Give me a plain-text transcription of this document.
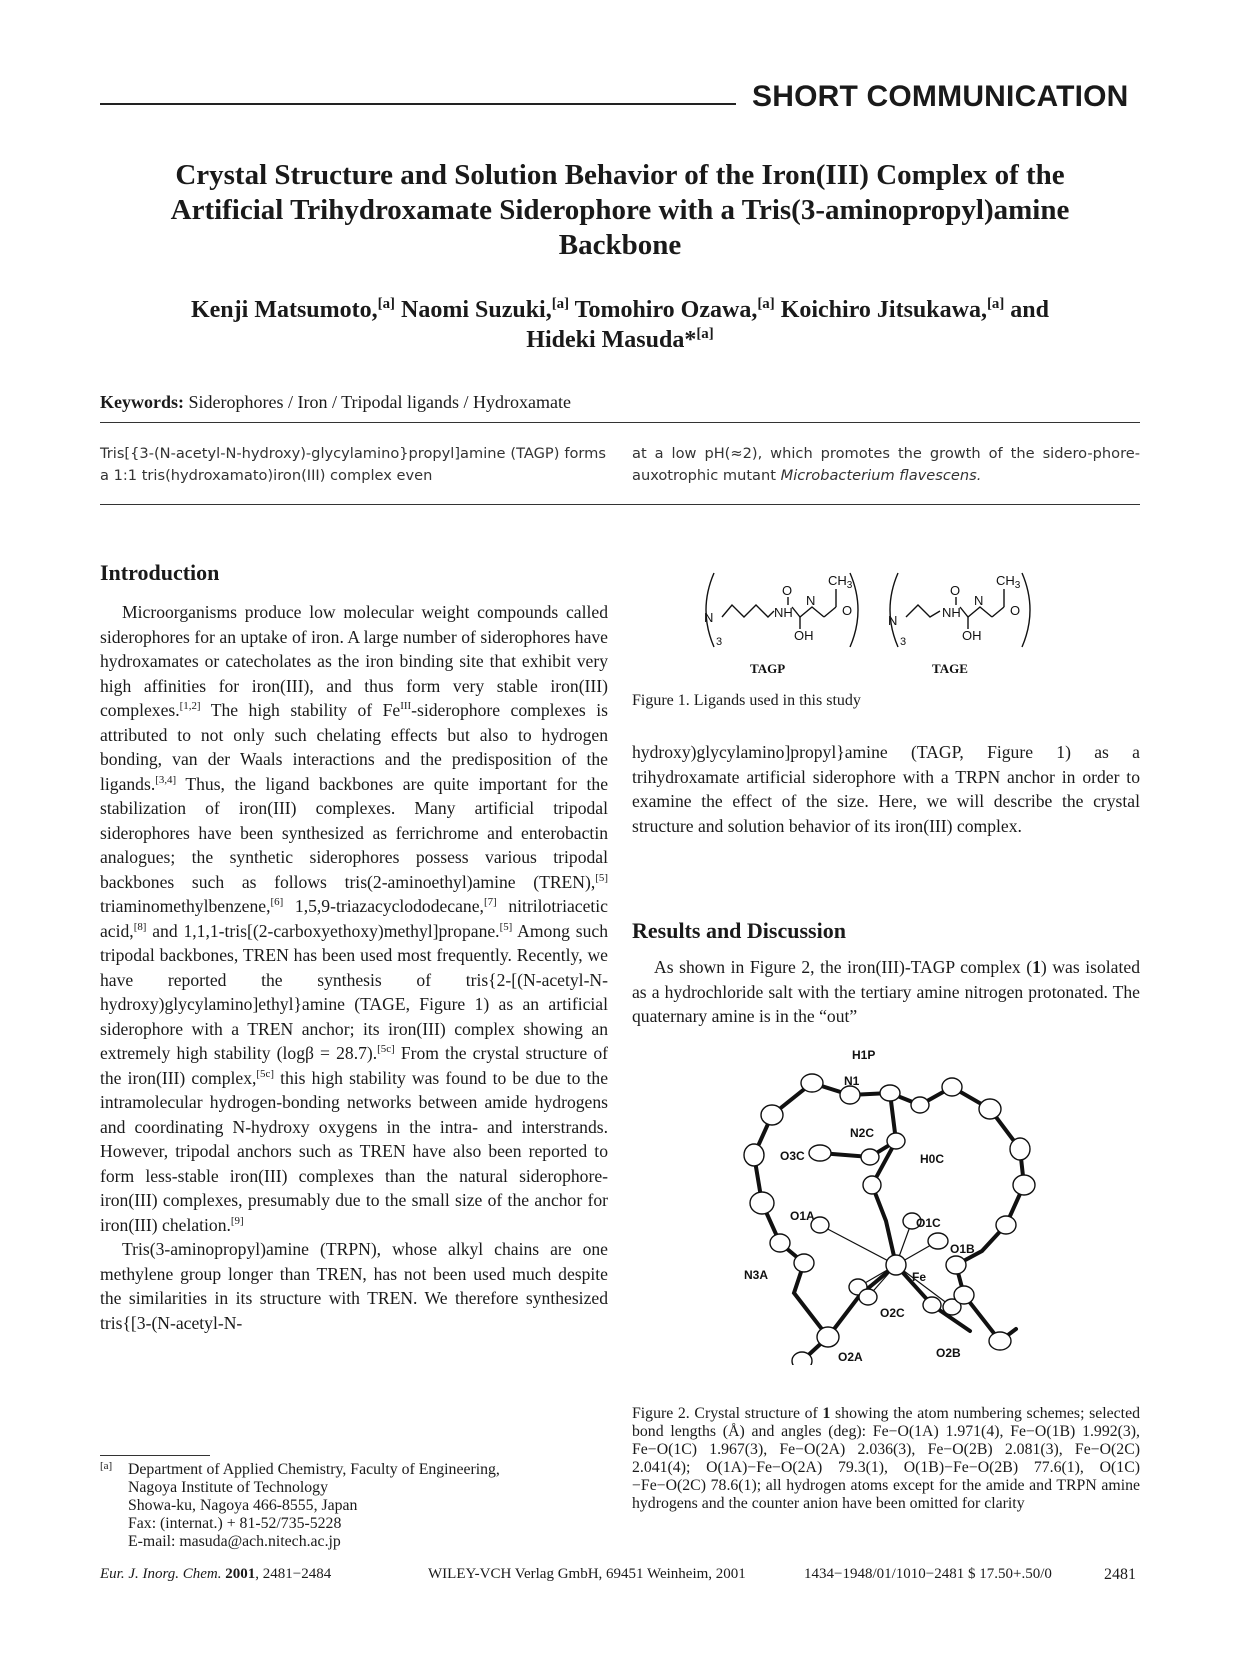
SHORT COMMUNICATION
Crystal Structure and Solution Behavior of the Iron(III) Complex of the
Artificial Trihydroxamate Siderophore with a Tris(3-aminopropyl)amine
Backbone
Kenji Matsumoto,[a] Naomi Suzuki,[a] Tomohiro Ozawa,[a] Koichiro Jitsukawa,[a] and
Hideki Masuda*[a]
Keywords: Siderophores / Iron / Tripodal ligands / Hydroxamate
Tris[{3-(N-acetyl-N-hydroxy)-glycylamino}propyl]amine (TAGP) forms a 1:1 tris(hydroxamato)iron(III) complex even
at a low pH(≈2), which promotes the growth of the sidero-phore-auxotrophic mutant Microbacterium flavescens.
Introduction

Microorganisms produce low molecular weight compounds called siderophores for an uptake of iron. A large number of siderophores have hydroxamates or catecholates as the iron binding site that exhibit very high affinities for iron(III), and thus form very stable iron(III) complexes.[1,2] The high stability of $Fe^{III}$-siderophore complexes is attributed to not only such chelating effects but also to hydrogen bonding, van der Waals interactions and the predisposition of the ligands.[3,4] Thus, the ligand backbones are quite important for the stabilization of iron(III) complexes. Many artificial tripodal siderophores have been synthesized as ferrichrome and enterobactin analogues; the synthetic siderophores possess various tripodal backbones such as follows tris(2-aminoethyl)amine (TREN),[5] triaminomethylbenzene,[6] 1,5,9-triazacyclododecane,[7] nitrilotriacetic acid,[8] and 1,1,1-tris[(2-carboxyethoxy)methyl]propane.[5] Among such tripodal backbones, TREN has been used most frequently. Recently, we have reported the synthesis of tris{2-[(N-acetyl-N-hydroxy)glycylamino]ethyl}amine (TAGE, Figure 1) as an artificial siderophore with a TREN anchor; its iron(III) complex showing an extremely high stability (logβ = 28.7).[5c] From the crystal structure of the iron(III) complex,[5c] this high stability was found to be due to the intramolecular hydrogen-bonding networks between amide hydrogens and coordinating N-hydroxy oxygens in the intra- and interstrands. However, tripodal anchors such as TREN have also been reported to form less-stable iron(III) complexes than the natural siderophore-iron(III) complexes, presumably due to the small size of the anchor for iron(III) chelation.[9]

Tris(3-aminopropyl)amine (TRPN), whose alkyl chains are one methylene group longer than TREN, has not been used much despite the similarities in its structure with TREN. We therefore synthesized tris{[3-(N-acetyl-N-

[a] Department of Applied Chemistry, Faculty of Engineering,
Nagoya Institute of Technology
Showa-ku, Nagoya 466-8555, Japan
Fax: (internat.) + 81-52/735-5228
E-mail: masuda@ach.nitech.ac.jp
N
3
NH
O
N
OH
O
$CH_3$
TAGP
N
3
NH
O
N
OH
O
$CH_3$
TAGE
Figure 1. Ligands used in this study

hydroxy)glycylamino]propyl}amine (TAGP, Figure 1) as a trihydroxamate artificial siderophore with a TRPN anchor in order to examine the effect of the size. Here, we will describe the crystal structure and solution behavior of its iron(III) complex.

Results and Discussion

As shown in Figure 2, the iron(III)-TAGP complex (1) was isolated as a hydrochloride salt with the tertiary amine nitrogen protonated. The quaternary amine is in the “out”

H1P
N1
N2C
H0C
O3C
O1A	O1C
O1B
N3A	Fe
O2C
O2A	O2B
Figure 2. Crystal structure of 1 showing the atom numbering schemes; selected bond lengths (Å) and angles (deg): Fe−O(1A) 1.971(4), Fe−O(1B) 1.992(3), Fe−O(1C) 1.967(3), Fe−O(2A) 2.036(3), Fe−O(2B) 2.081(3), Fe−O(2C) 2.041(4); O(1A)−Fe−O(2A) 79.3(1), O(1B)−Fe−O(2B) 77.6(1), O(1C)−Fe−O(2C) 78.6(1); all hydrogen atoms except for the amide and TRPN amine hydrogens and the counter anion have been omitted for clarity
Eur. J. Inorg. Chem. 2001, 2481−2484	WILEY-VCH Verlag GmbH, 69451 Weinheim, 2001	1434−1948/01/1010−2481 $ 17.50+.50/0	2481
